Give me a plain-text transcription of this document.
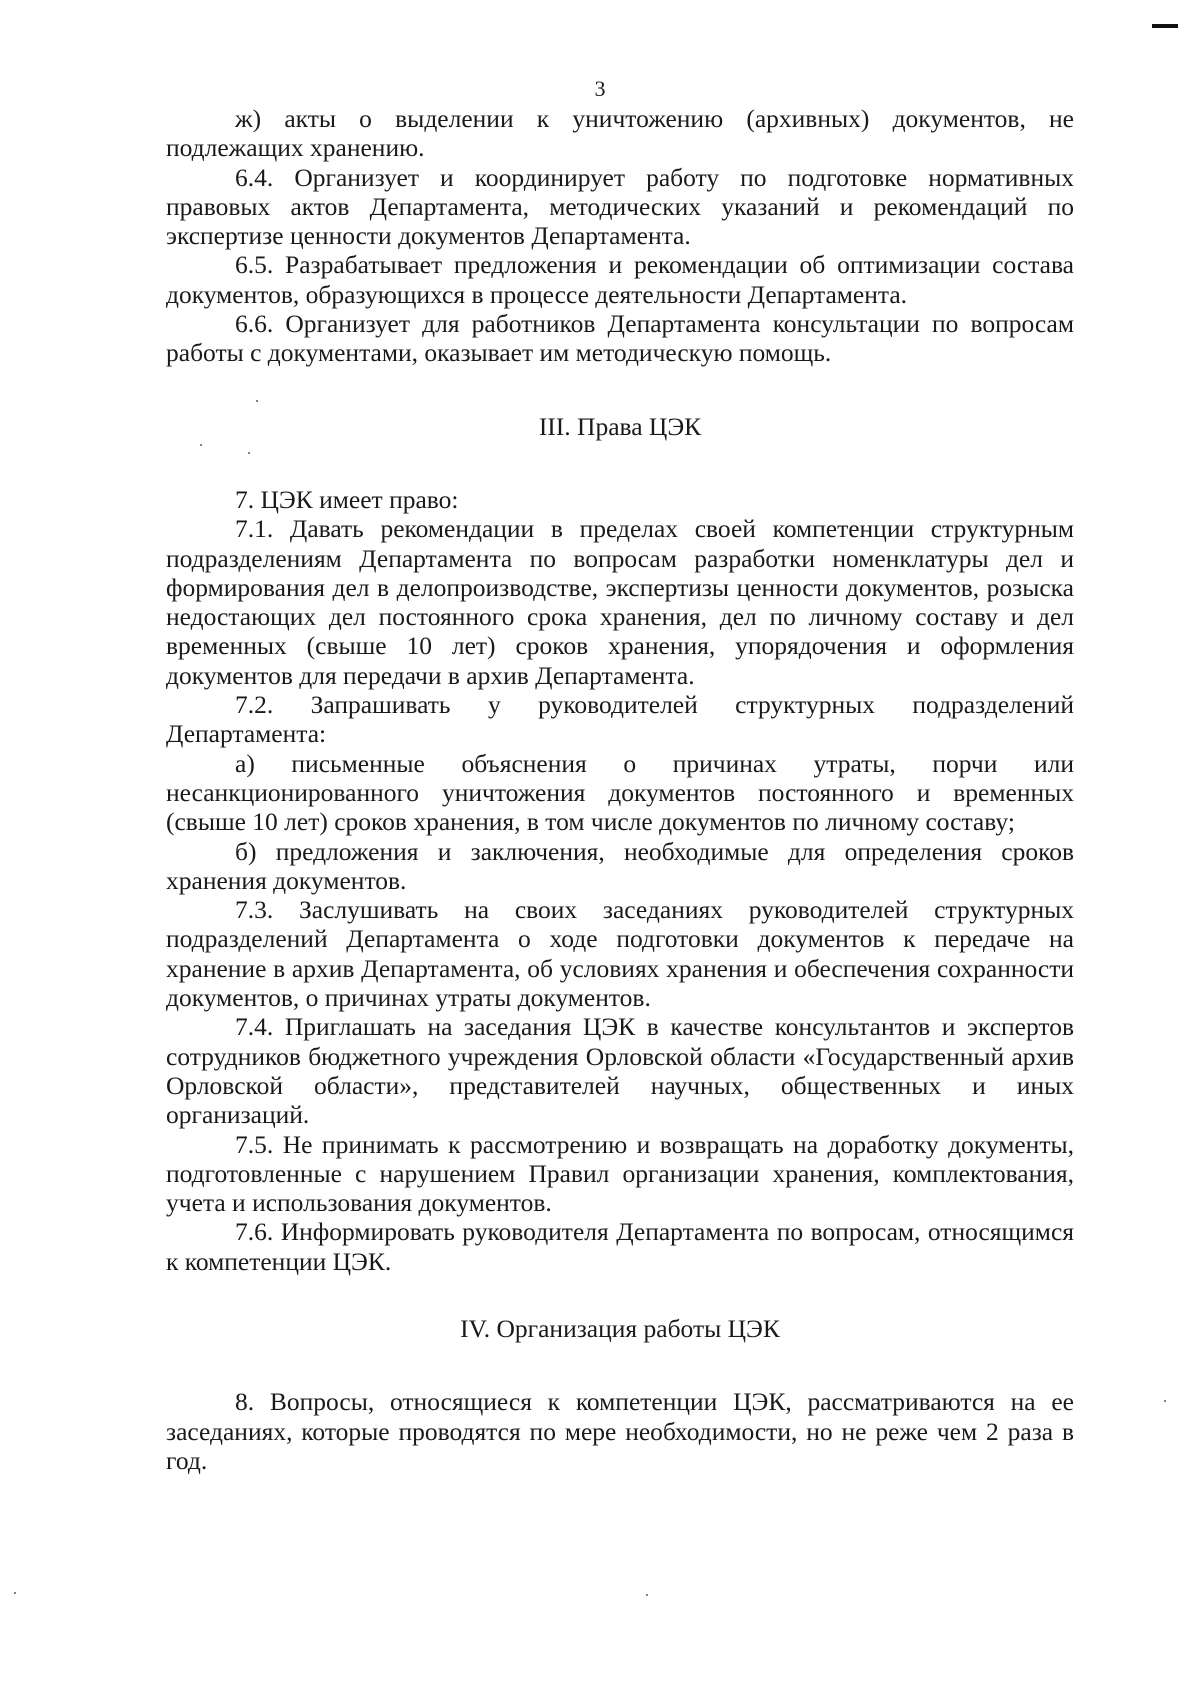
3

ж) акты о выделении к уничтожению (архивных) документов, не подлежащих хранению.

6.4. Организует и координирует работу по подготовке нормативных правовых актов Департамента, методических указаний и рекомендаций по экспертизе ценности документов Департамента.

6.5. Разрабатывает предложения и рекомендации об оптимизации состава документов, образующихся в процессе деятельности Департамента.

6.6. Организует для работников Департамента консультации по вопросам работы с документами, оказывает им методическую помощь.

III. Права ЦЭК

7. ЦЭК имеет право:

7.1. Давать рекомендации в пределах своей компетенции структурным подразделениям Департамента по вопросам разработки номенклатуры дел и формирования дел в делопроизводстве, экспертизы ценности документов, розыска недостающих дел постоянного срока хранения, дел по личному составу и дел временных (свыше 10 лет) сроков хранения, упорядочения и оформления документов для передачи в архив Департамента.

7.2. Запрашивать у руководителей структурных подразделений Департамента:

а) письменные объяснения о причинах утраты, порчи или несанкционированного уничтожения документов постоянного и временных (свыше 10 лет) сроков хранения, в том числе документов по личному составу;

б) предложения и заключения, необходимые для определения сроков хранения документов.

7.3. Заслушивать на своих заседаниях руководителей структурных подразделений Департамента о ходе подготовки документов к передаче на хранение в архив Департамента, об условиях хранения и обеспечения сохранности документов, о причинах утраты документов.

7.4. Приглашать на заседания ЦЭК в качестве консультантов и экспертов сотрудников бюджетного учреждения Орловской области «Государственный архив Орловской области», представителей научных, общественных и иных организаций.

7.5. Не принимать к рассмотрению и возвращать на доработку документы, подготовленные с нарушением Правил организации хранения, комплектования, учета и использования документов.

7.6. Информировать руководителя Департамента по вопросам, относящимся к компетенции ЦЭК.

IV. Организация работы ЦЭК

8. Вопросы, относящиеся к компетенции ЦЭК, рассматриваются на ее заседаниях, которые проводятся по мере необходимости, но не реже чем 2 раза в год.
